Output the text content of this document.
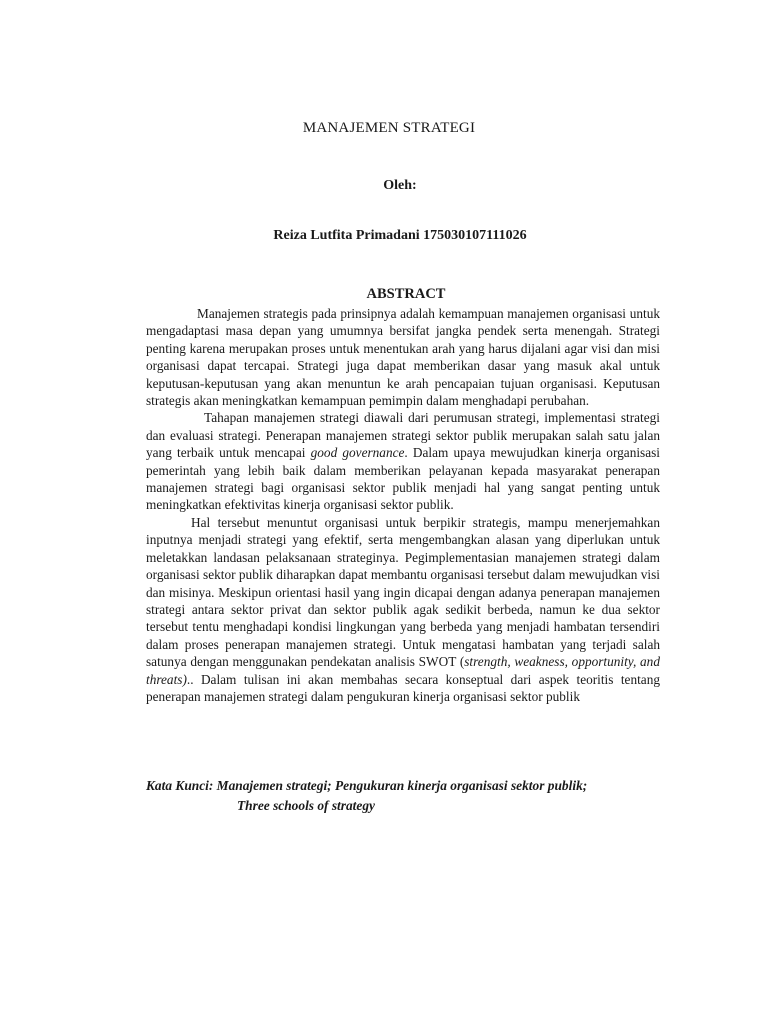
MANAJEMEN STRATEGI
Oleh:
Reiza Lutfita Primadani 175030107111026
ABSTRACT

Manajemen strategis pada prinsipnya adalah kemampuan manajemen organisasi untuk mengadaptasi masa depan yang umumnya bersifat jangka pendek serta menengah. Strategi penting karena merupakan proses untuk menentukan arah yang harus dijalani agar visi dan misi organisasi dapat tercapai. Strategi juga dapat memberikan dasar yang masuk akal untuk keputusan-keputusan yang akan menuntun ke arah pencapaian tujuan organisasi. Keputusan strategis akan meningkatkan kemampuan pemimpin dalam menghadapi perubahan.

Tahapan manajemen strategi diawali dari perumusan strategi, implementasi strategi dan evaluasi strategi. Penerapan manajemen strategi sektor publik merupakan salah satu jalan yang terbaik untuk mencapai good governance. Dalam upaya mewujudkan kinerja organisasi pemerintah yang lebih baik dalam memberikan pelayanan kepada masyarakat penerapan manajemen strategi bagi organisasi sektor publik menjadi hal yang sangat penting untuk meningkatkan efektivitas kinerja organisasi sektor publik.

Hal tersebut menuntut organisasi untuk berpikir strategis, mampu menerjemahkan inputnya menjadi strategi yang efektif, serta mengembangkan alasan yang diperlukan untuk meletakkan landasan pelaksanaan strateginya. Pegimplementasian manajemen strategi dalam organisasi sektor publik diharapkan dapat membantu organisasi tersebut dalam mewujudkan visi dan misinya. Meskipun orientasi hasil yang ingin dicapai dengan adanya penerapan manajemen strategi antara sektor privat dan sektor publik agak sedikit berbeda, namun ke dua sektor tersebut tentu menghadapi kondisi lingkungan yang berbeda yang menjadi hambatan tersendiri dalam proses penerapan manajemen strategi. Untuk mengatasi hambatan yang terjadi salah satunya dengan menggunakan pendekatan analisis SWOT (strength, weakness, opportunity, and threats).. Dalam tulisan ini akan membahas secara konseptual dari aspek teoritis tentang penerapan manajemen strategi dalam pengukuran kinerja organisasi sektor publik

Kata Kunci: Manajemen strategi; Pengukuran kinerja organisasi sektor publik;
Three schools of strategy
